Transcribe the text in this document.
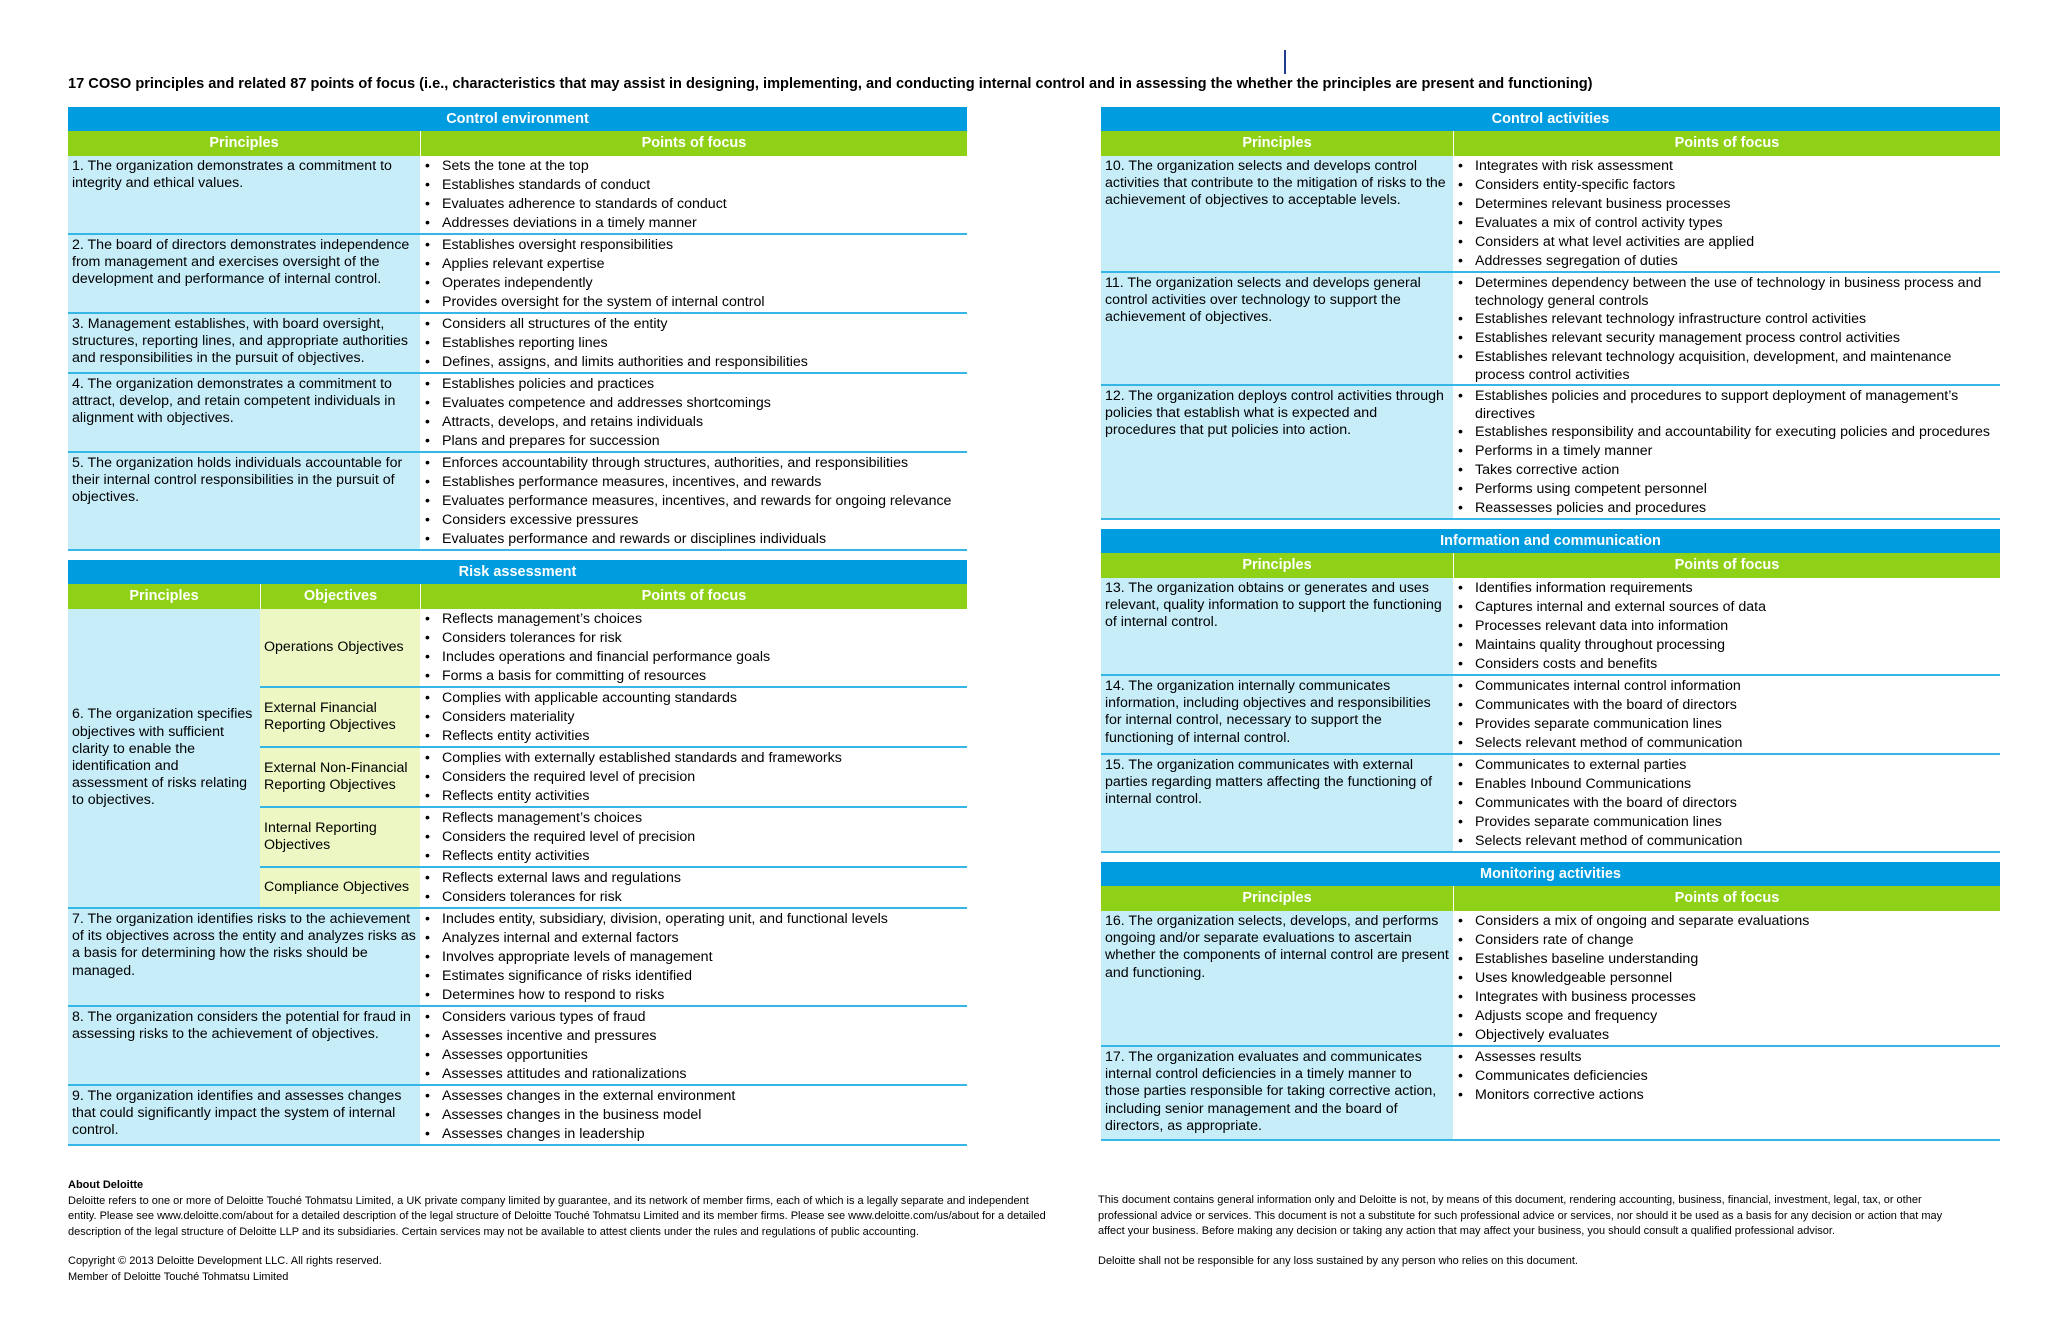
17 COSO principles and related 87 points of focus (i.e., characteristics that may assist in designing, implementing, and conducting internal control and in assessing the whether the principles are present and functioning)
Control environment
Principles	Points of focus
1. The organization demonstrates a commitment to integrity and ethical values.
• Sets the tone at the top
• Establishes standards of conduct
• Evaluates adherence to standards of conduct
• Addresses deviations in a timely manner
2. The board of directors demonstrates independence from management and exercises oversight of the development and performance of internal control.
• Establishes oversight responsibilities
• Applies relevant expertise
• Operates independently
• Provides oversight for the system of internal control
3. Management establishes, with board oversight, structures, reporting lines, and appropriate authorities and responsibilities in the pursuit of objectives.
• Considers all structures of the entity
• Establishes reporting lines
• Defines, assigns, and limits authorities and responsibilities
4. The organization demonstrates a commitment to attract, develop, and retain competent individuals in alignment with objectives.
• Establishes policies and practices
• Evaluates competence and addresses shortcomings
• Attracts, develops, and retains individuals
• Plans and prepares for succession
5. The organization holds individuals accountable for their internal control responsibilities in the pursuit of objectives.
• Enforces accountability through structures, authorities, and responsibilities
• Establishes performance measures, incentives, and rewards
• Evaluates performance measures, incentives, and rewards for ongoing relevance
• Considers excessive pressures
• Evaluates performance and rewards or disciplines individuals
Risk assessment
Principles	Objectives	Points of focus
6. The organization specifies objectives with sufficient clarity to enable the identification and assessment of risks relating to objectives.
Operations Objectives
• Reflects management’s choices
• Considers tolerances for risk
• Includes operations and financial performance goals
• Forms a basis for committing of resources
External Financial Reporting Objectives
• Complies with applicable accounting standards
• Considers materiality
• Reflects entity activities
External Non-Financial Reporting Objectives
• Complies with externally established standards and frameworks
• Considers the required level of precision
• Reflects entity activities
Internal Reporting Objectives
• Reflects management’s choices
• Considers the required level of precision
• Reflects entity activities
Compliance Objectives
• Reflects external laws and regulations
• Considers tolerances for risk
7. The organization identifies risks to the achievement of its objectives across the entity and analyzes risks as a basis for determining how the risks should be managed.
• Includes entity, subsidiary, division, operating unit, and functional levels
• Analyzes internal and external factors
• Involves appropriate levels of management
• Estimates significance of risks identified
• Determines how to respond to risks
8. The organization considers the potential for fraud in assessing risks to the achievement of objectives.
• Considers various types of fraud
• Assesses incentive and pressures
• Assesses opportunities
• Assesses attitudes and rationalizations
9. The organization identifies and assesses changes that could significantly impact the system of internal control.
• Assesses changes in the external environment
• Assesses changes in the business model
• Assesses changes in leadership
Control activities
Principles	Points of focus
10. The organization selects and develops control activities that contribute to the mitigation of risks to the achievement of objectives to acceptable levels.
• Integrates with risk assessment
• Considers entity-specific factors
• Determines relevant business processes
• Evaluates a mix of control activity types
• Considers at what level activities are applied
• Addresses segregation of duties
11. The organization selects and develops general control activities over technology to support the achievement of objectives.
• Determines dependency between the use of technology in business process and technology general controls
• Establishes relevant technology infrastructure control activities
• Establishes relevant security management process control activities
• Establishes relevant technology acquisition, development, and maintenance process control activities
12. The organization deploys control activities through policies that establish what is expected and procedures that put policies into action.
• Establishes policies and procedures to support deployment of management’s directives
• Establishes responsibility and accountability for executing policies and procedures
• Performs in a timely manner
• Takes corrective action
• Performs using competent personnel
• Reassesses policies and procedures
Information and communication
Principles	Points of focus
13. The organization obtains or generates and uses relevant, quality information to support the functioning of internal control.
• Identifies information requirements
• Captures internal and external sources of data
• Processes relevant data into information
• Maintains quality throughout processing
• Considers costs and benefits
14. The organization internally communicates information, including objectives and responsibilities for internal control, necessary to support the functioning of internal control.
• Communicates internal control information
• Communicates with the board of directors
• Provides separate communication lines
• Selects relevant method of communication
15. The organization communicates with external parties regarding matters affecting the functioning of internal control.
• Communicates to external parties
• Enables Inbound Communications
• Communicates with the board of directors
• Provides separate communication lines
• Selects relevant method of communication
Monitoring activities
Principles	Points of focus
16. The organization selects, develops, and performs ongoing and/or separate evaluations to ascertain whether the components of internal control are present and functioning.
• Considers a mix of ongoing and separate evaluations
• Considers rate of change
• Establishes baseline understanding
• Uses knowledgeable personnel
• Integrates with business processes
• Adjusts scope and frequency
• Objectively evaluates
17. The organization evaluates and communicates internal control deficiencies in a timely manner to those parties responsible for taking corrective action, including senior management and the board of directors, as appropriate.
• Assesses results
• Communicates deficiencies
• Monitors corrective actions
About Deloitte
Deloitte refers to one or more of Deloitte Touché Tohmatsu Limited, a UK private company limited by guarantee, and its network of member firms, each of which is a legally separate and independent entity. Please see www.deloitte.com/about for a detailed description of the legal structure of Deloitte Touché Tohmatsu Limited and its member firms. Please see www.deloitte.com/us/about for a detailed description of the legal structure of Deloitte LLP and its subsidiaries. Certain services may not be available to attest clients under the rules and regulations of public accounting.
Copyright © 2013 Deloitte Development LLC. All rights reserved.
Member of Deloitte Touché Tohmatsu Limited
This document contains general information only and Deloitte is not, by means of this document, rendering accounting, business, financial, investment, legal, tax, or other professional advice or services. This document is not a substitute for such professional advice or services, nor should it be used as a basis for any decision or action that may affect your business. Before making any decision or taking any action that may affect your business, you should consult a qualified professional advisor.
Deloitte shall not be responsible for any loss sustained by any person who relies on this document.
